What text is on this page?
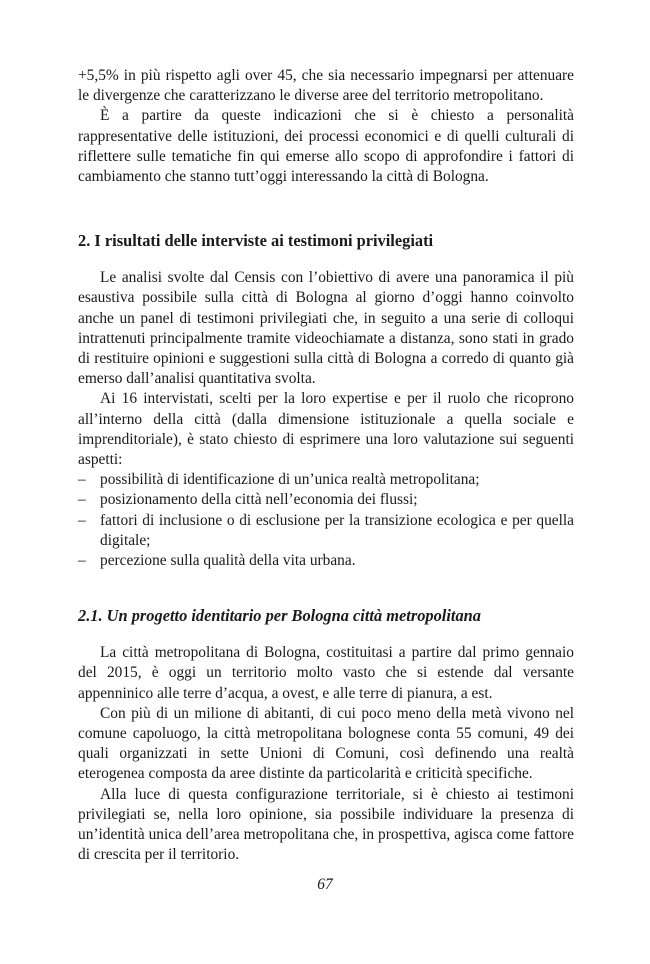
+5,5% in più rispetto agli over 45, che sia necessario impegnarsi per attenuare le divergenze che caratterizzano le diverse aree del territorio metropolitano.

È a partire da queste indicazioni che si è chiesto a personalità rappresentative delle istituzioni, dei processi economici e di quelli culturali di riflettere sulle tematiche fin qui emerse allo scopo di approfondire i fattori di cambiamento che stanno tutt’oggi interessando la città di Bologna.

2. I risultati delle interviste ai testimoni privilegiati

Le analisi svolte dal Censis con l’obiettivo di avere una panoramica il più esaustiva possibile sulla città di Bologna al giorno d’oggi hanno coinvolto anche un panel di testimoni privilegiati che, in seguito a una serie di colloqui intrattenuti principalmente tramite videochiamate a distanza, sono stati in grado di restituire opinioni e suggestioni sulla città di Bologna a corredo di quanto già emerso dall’analisi quantitativa svolta.

Ai 16 intervistati, scelti per la loro expertise e per il ruolo che ricoprono all’interno della città (dalla dimensione istituzionale a quella sociale e imprenditoriale), è stato chiesto di esprimere una loro valutazione sui seguenti aspetti:

– possibilità di identificazione di un’unica realtà metropolitana;
– posizionamento della città nell’economia dei flussi;
– fattori di inclusione o di esclusione per la transizione ecologica e per quella digitale;
– percezione sulla qualità della vita urbana.
2.1. Un progetto identitario per Bologna città metropolitana

La città metropolitana di Bologna, costituitasi a partire dal primo gennaio del 2015, è oggi un territorio molto vasto che si estende dal versante appenninico alle terre d’acqua, a ovest, e alle terre di pianura, a est.

Con più di un milione di abitanti, di cui poco meno della metà vivono nel comune capoluogo, la città metropolitana bolognese conta 55 comuni, 49 dei quali organizzati in sette Unioni di Comuni, così definendo una realtà eterogenea composta da aree distinte da particolarità e criticità specifiche.

Alla luce di questa configurazione territoriale, si è chiesto ai testimoni privilegiati se, nella loro opinione, sia possibile individuare la presenza di un’identità unica dell’area metropolitana che, in prospettiva, agisca come fattore di crescita per il territorio.

67
